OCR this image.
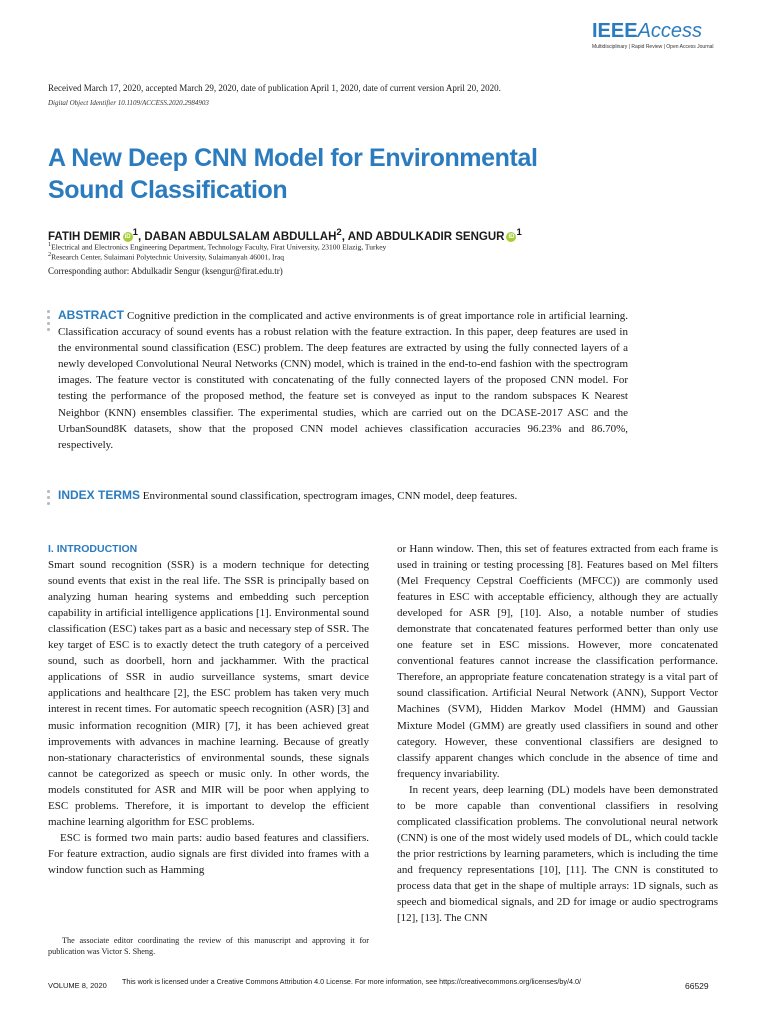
IEEEAccess
Multidisciplinary | Rapid Review | Open Access Journal
Received March 17, 2020, accepted March 29, 2020, date of publication April 1, 2020, date of current version April 20, 2020.
Digital Object Identifier 10.1109/ACCESS.2020.2984903
A New Deep CNN Model for Environmental Sound Classification
FATIH DEMIR iD $^1$, DABAN ABDULSALAM ABDULLAH$^2$, AND ABDULKADIR SENGUR iD $^1$
$^1$Electrical and Electronics Engineering Department, Technology Faculty, Firat University, 23100 Elazig, Turkey
$^2$Research Center, Sulaimani Polytechnic University, Sulaimanyah 46001, Iraq
Corresponding author: Abdulkadir Sengur (ksengur@firat.edu.tr)
ABSTRACT Cognitive prediction in the complicated and active environments is of great importance role in artificial learning. Classification accuracy of sound events has a robust relation with the feature extraction. In this paper, deep features are used in the environmental sound classification (ESC) problem. The deep features are extracted by using the fully connected layers of a newly developed Convolutional Neural Networks (CNN) model, which is trained in the end-to-end fashion with the spectrogram images. The feature vector is constituted with concatenating of the fully connected layers of the proposed CNN model. For testing the performance of the proposed method, the feature set is conveyed as input to the random subspaces K Nearest Neighbor (KNN) ensembles classifier. The experimental studies, which are carried out on the DCASE-2017 ASC and the UrbanSound8K datasets, show that the proposed CNN model achieves classification accuracies 96.23% and 86.70%, respectively.
INDEX TERMS Environmental sound classification, spectrogram images, CNN model, deep features.
I. INTRODUCTION

Smart sound recognition (SSR) is a modern technique for detecting sound events that exist in the real life. The SSR is principally based on analyzing human hearing systems and embedding such perception capability in artificial intelligence applications [1]. Environmental sound classification (ESC) takes part as a basic and necessary step of SSR. The key target of ESC is to exactly detect the truth category of a perceived sound, such as doorbell, horn and jackhammer. With the practical applications of SSR in audio surveillance systems, smart device applications and healthcare [2], the ESC problem has taken very much interest in recent times. For automatic speech recognition (ASR) [3] and music information recognition (MIR) [7], it has been achieved great improvements with advances in machine learning. Because of greatly non-stationary characteristics of environmental sounds, these signals cannot be categorized as speech or music only. In other words, the models constituted for ASR and MIR will be poor when applying to ESC problems. Therefore, it is important to develop the efficient machine learning algorithm for ESC problems.

ESC is formed two main parts: audio based features and classifiers. For feature extraction, audio signals are first divided into frames with a window function such as Hamming

or Hann window. Then, this set of features extracted from each frame is used in training or testing processing [8]. Features based on Mel filters (Mel Frequency Cepstral Coefficients (MFCC)) are commonly used features in ESC with acceptable efficiency, although they are actually developed for ASR [9], [10]. Also, a notable number of studies demonstrate that concatenated features performed better than only use one feature set in ESC missions. However, more concatenated conventional features cannot increase the classification performance. Therefore, an appropriate feature concatenation strategy is a vital part of sound classification. Artificial Neural Network (ANN), Support Vector Machines (SVM), Hidden Markov Model (HMM) and Gaussian Mixture Model (GMM) are greatly used classifiers in sound and other category. However, these conventional classifiers are designed to classify apparent changes which conclude in the absence of time and frequency invariability.

In recent years, deep learning (DL) models have been demonstrated to be more capable than conventional classifiers in resolving complicated classification problems. The convolutional neural network (CNN) is one of the most widely used models of DL, which could tackle the prior restrictions by learning parameters, which is including the time and frequency representations [10], [11]. The CNN is constituted to process data that get in the shape of multiple arrays: 1D signals, such as speech and biomedical signals, and 2D for image or audio spectrograms [12], [13]. The CNN

The associate editor coordinating the review of this manuscript and approving it for publication was Victor S. Sheng.
VOLUME 8, 2020 This work is licensed under a Creative Commons Attribution 4.0 License. For more information, see https://creativecommons.org/licenses/by/4.0/	66529
